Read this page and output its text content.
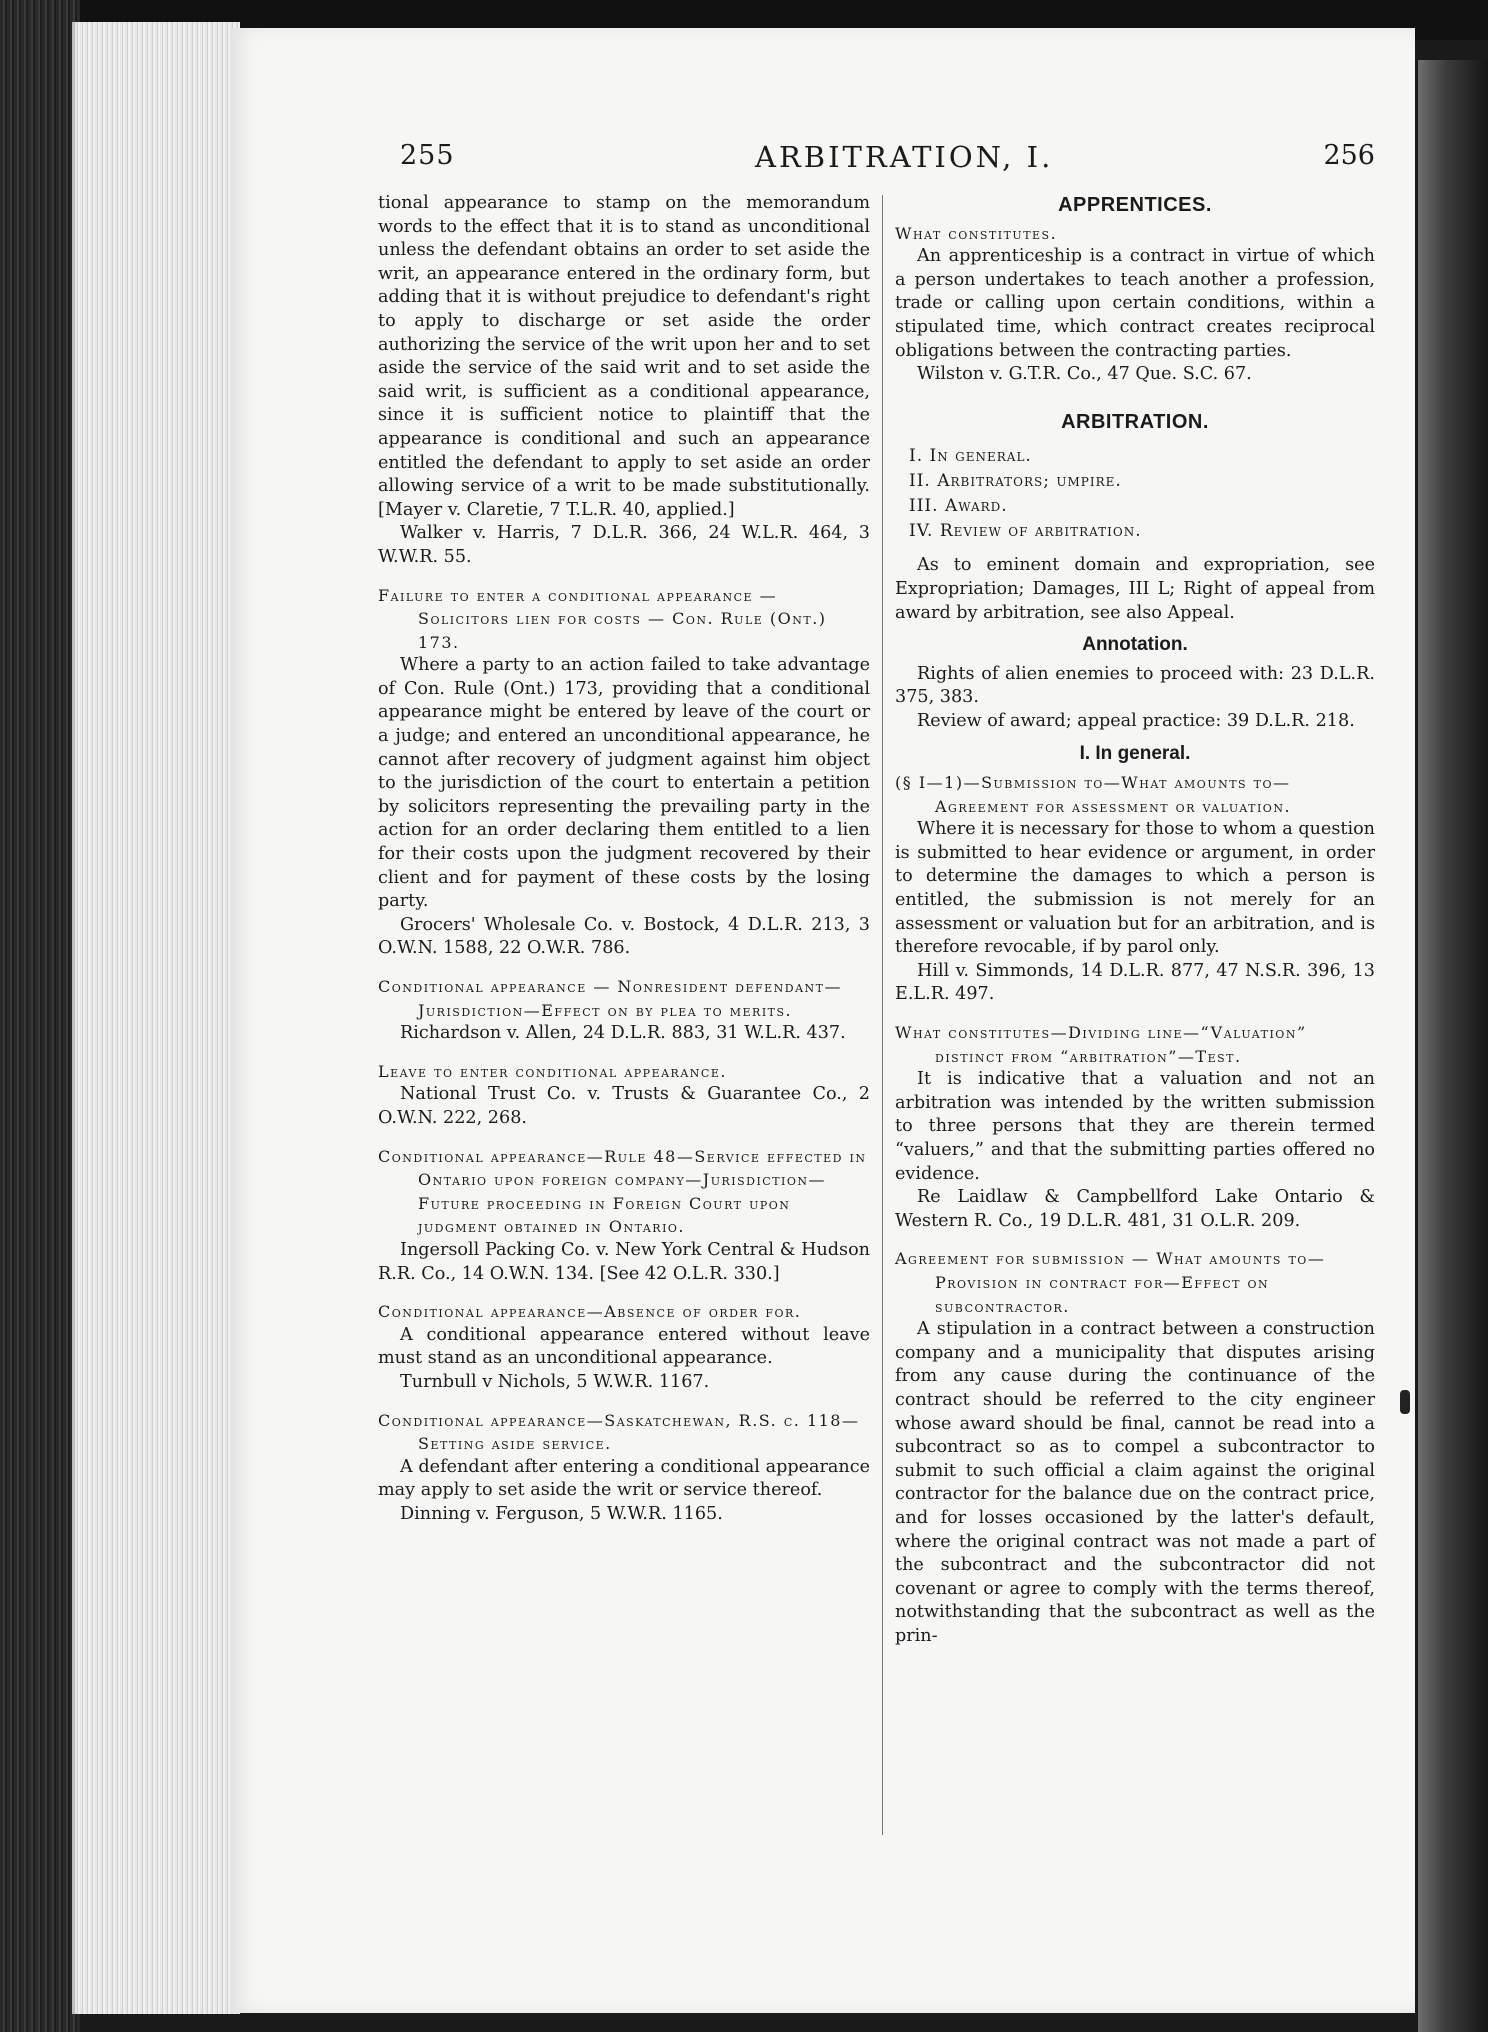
255	ARBITRATION, I.	256

tional appearance to stamp on the memorandum words to the effect that it is to stand as unconditional unless the defendant obtains an order to set aside the writ, an appearance entered in the ordinary form, but adding that it is without prejudice to defendant's right to apply to discharge or set aside the order authorizing the service of the writ upon her and to set aside the service of the said writ and to set aside the said writ, is sufficient as a conditional appearance, since it is sufficient notice to plaintiff that the appearance is conditional and such an appearance entitled the defendant to apply to set aside an order allowing service of a writ to be made substitutionally. [Mayer v. Claretie, 7 T.L.R. 40, applied.]

Walker v. Harris, 7 D.L.R. 366, 24 W.L.R. 464, 3 W.W.R. 55.

Failure to enter a conditional appearance — Solicitors lien for costs — Con. Rule (Ont.) 173.

Where a party to an action failed to take advantage of Con. Rule (Ont.) 173, providing that a conditional appearance might be entered by leave of the court or a judge; and entered an unconditional appearance, he cannot after recovery of judgment against him object to the jurisdiction of the court to entertain a petition by solicitors representing the prevailing party in the action for an order declaring them entitled to a lien for their costs upon the judgment recovered by their client and for payment of these costs by the losing party.

Grocers' Wholesale Co. v. Bostock, 4 D.L.R. 213, 3 O.W.N. 1588, 22 O.W.R. 786.

Conditional appearance — Nonresident defendant—Jurisdiction—Effect on by plea to merits.

Richardson v. Allen, 24 D.L.R. 883, 31 W.L.R. 437.

Leave to enter conditional appearance.

National Trust Co. v. Trusts & Guarantee Co., 2 O.W.N. 222, 268.

Conditional appearance—Rule 48—Service effected in Ontario upon foreign company—Jurisdiction—Future proceeding in Foreign Court upon judgment obtained in Ontario.

Ingersoll Packing Co. v. New York Central & Hudson R.R. Co., 14 O.W.N. 134. [See 42 O.L.R. 330.]

Conditional appearance—Absence of order for.

A conditional appearance entered without leave must stand as an unconditional appearance.

Turnbull v Nichols, 5 W.W.R. 1167.

Conditional appearance—Saskatchewan, R.S. c. 118—Setting aside service.

A defendant after entering a conditional appearance may apply to set aside the writ or service thereof.

Dinning v. Ferguson, 5 W.W.R. 1165.

APPRENTICES.

What constitutes.

An apprenticeship is a contract in virtue of which a person undertakes to teach another a profession, trade or calling upon certain conditions, within a stipulated time, which contract creates reciprocal obligations between the contracting parties.

Wilston v. G.T.R. Co., 47 Que. S.C. 67.

ARBITRATION.

I. In general.
II. Arbitrators; umpire.
III. Award.
IV. Review of arbitration.

As to eminent domain and expropriation, see Expropriation; Damages, III L; Right of appeal from award by arbitration, see also Appeal.

Annotation.

Rights of alien enemies to proceed with: 23 D.L.R. 375, 383.

Review of award; appeal practice: 39 D.L.R. 218.

I. In general.

(§ I—1)—Submission to—What amounts to—Agreement for assessment or valuation.

Where it is necessary for those to whom a question is submitted to hear evidence or argument, in order to determine the damages to which a person is entitled, the submission is not merely for an assessment or valuation but for an arbitration, and is therefore revocable, if by parol only.

Hill v. Simmonds, 14 D.L.R. 877, 47 N.S.R. 396, 13 E.L.R. 497.

What constitutes—Dividing line—“Valuation” distinct from “arbitration”—Test.

It is indicative that a valuation and not an arbitration was intended by the written submission to three persons that they are therein termed “valuers,” and that the submitting parties offered no evidence.

Re Laidlaw & Campbellford Lake Ontario & Western R. Co., 19 D.L.R. 481, 31 O.L.R. 209.

Agreement for submission — What amounts to—Provision in contract for—Effect on subcontractor.

A stipulation in a contract between a construction company and a municipality that disputes arising from any cause during the continuance of the contract should be referred to the city engineer whose award should be final, cannot be read into a subcontract so as to compel a subcontractor to submit to such official a claim against the original contractor for the balance due on the contract price, and for losses occasioned by the latter's default, where the original contract was not made a part of the subcontract and the subcontractor did not covenant or agree to comply with the terms thereof, notwithstanding that the subcontract as well as the prin-
